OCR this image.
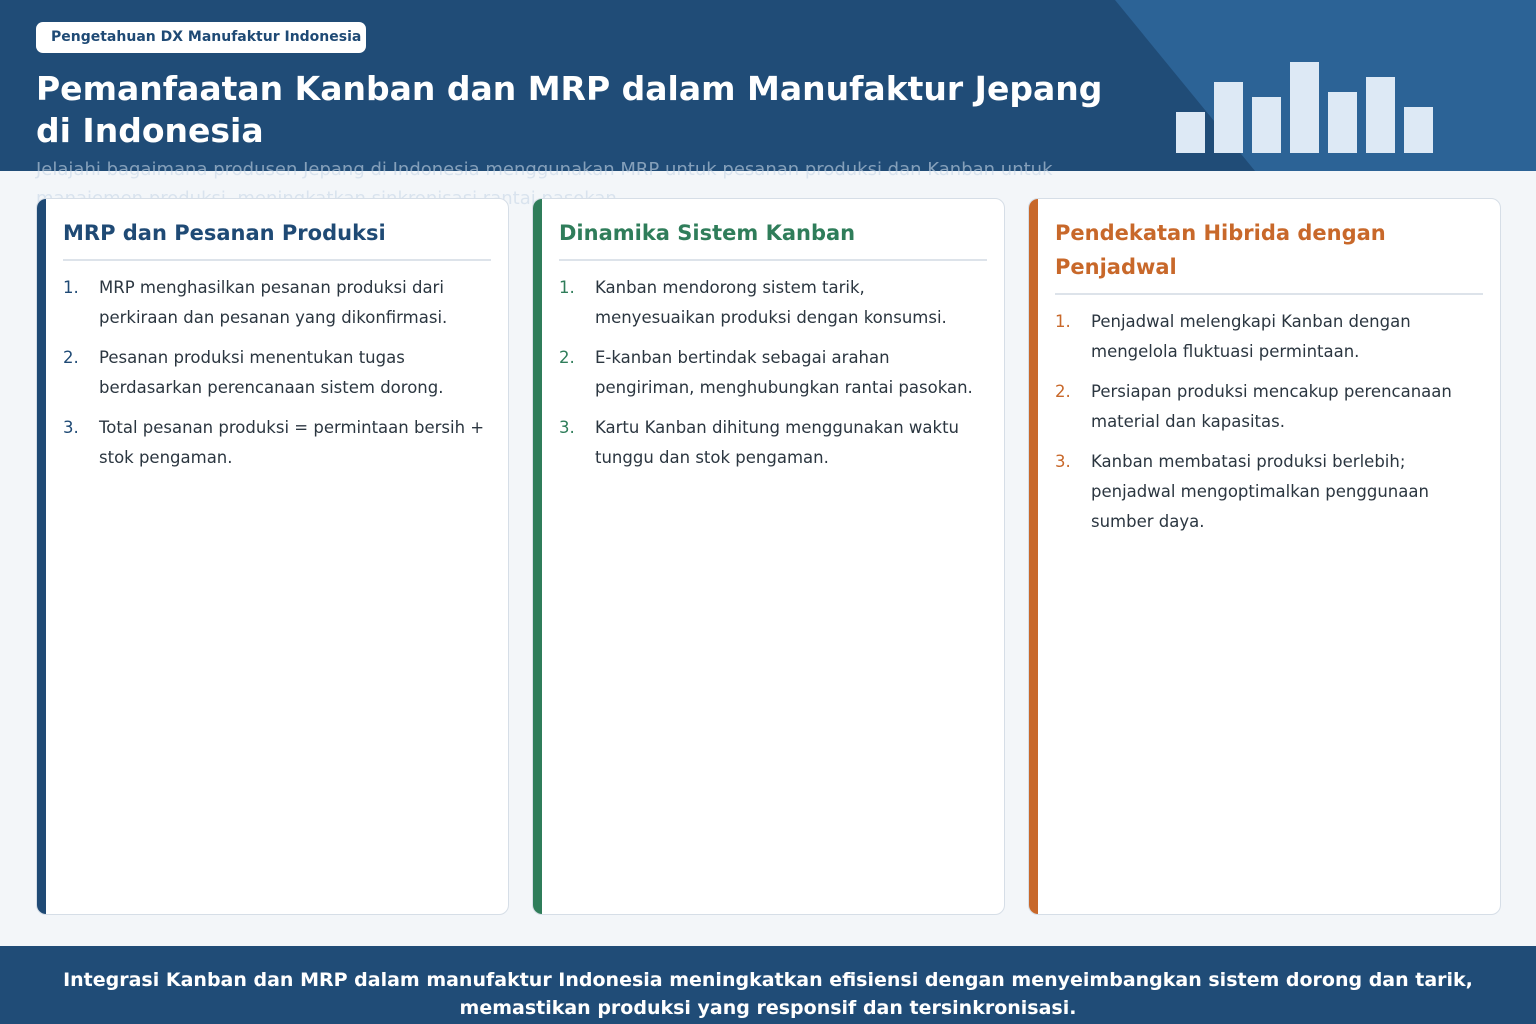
Pengetahuan DX Manufaktur Indonesia
Pemanfaatan Kanban dan MRP dalam Manufaktur Jepang di Indonesia

Jelajahi bagaimana produsen Jepang di Indonesia menggunakan MRP untuk pesanan produksi dan Kanban untuk rantai

MRP dan Pesanan Produksi
1. MRP menghasilkan pesanan produksi dari perkiraan dan pesanan yang dikonfirmasi.
2. Pesanan produksi menentukan tugas berdasarkan perencanaan sistem dorong.
3. Total pesanan produksi = permintaan bersih + stok pengaman.
Dinamika Sistem Kanban
1. Kanban mendorong sistem tarik, menyesuaikan produksi dengan konsumsi.
2. E-kanban bertindak sebagai arahan pengiriman, menghubungkan rantai pasokan.
3. Kartu Kanban dihitung menggunakan waktu tunggu dan stok pengaman.
Pendekatan Hibrida dengan Penjadwal
1. Penjadwal melengkapi Kanban dengan mengelola fluktuasi permintaan.
2. Persiapan produksi mencakup perencanaan material dan kapasitas.
3. Kanban membatasi produksi berlebih; penjadwal mengoptimalkan penggunaan sumber daya.

Integrasi Kanban dan MRP dalam manufaktur Indonesia meningkatkan efisiensi dengan menyeimbangkan sistem dorong dan tarik, memastikan produksi yang responsif dan tersinkronisasi.
